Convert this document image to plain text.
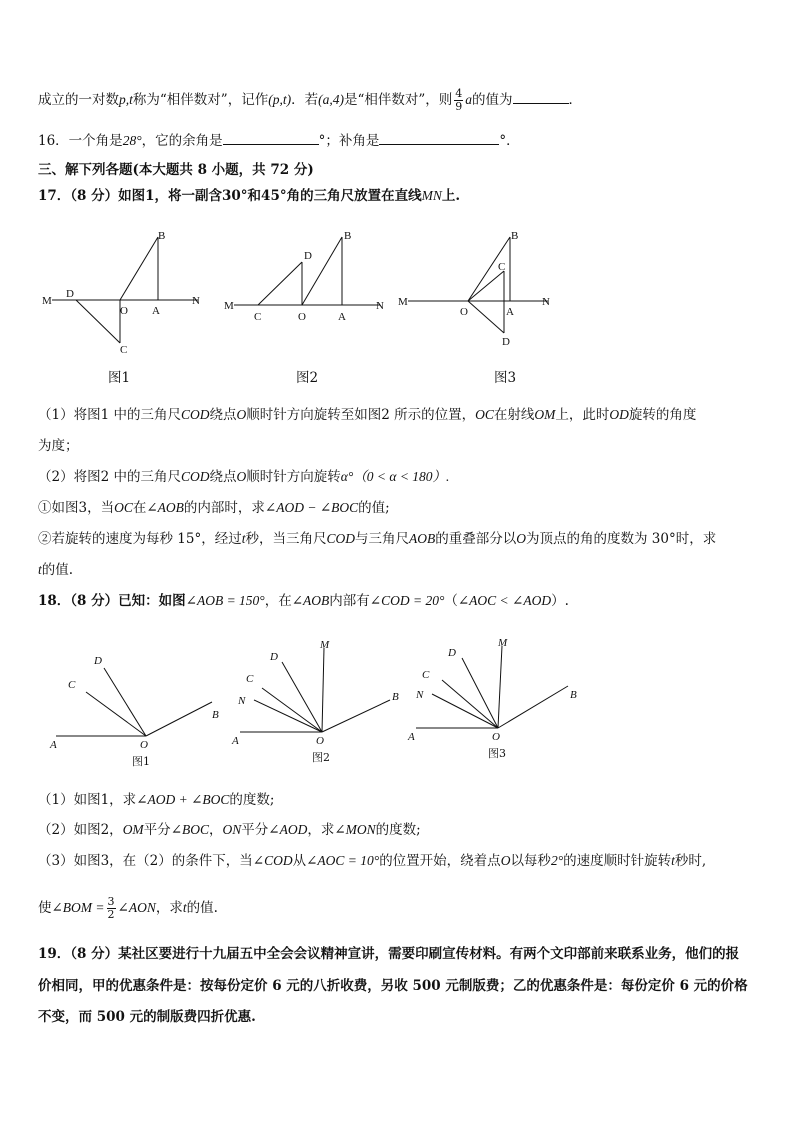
成立的一对数p,t称为“相伴数对”，记作(p,t)．若(a,4)是“相伴数对”，则 $\frac{4}{9}$ a的值为	．
16．一个角是28°，它的余角是	°；补角是	°．
三、解下列各题(本大题共 8 小题，共 72 分)
17．（8 分）如图1，将一副含30°和45°角的三角尺放置在直线MN上.
M
D
B
O A
N
C
图1
M
C
D
O
B
A
N
图2
M
B
C
O	A
N
D
图3
（1）将图1 中的三角尺COD绕点O顺时针方向旋转至如图2 所示的位置，OC在射线OM上，此时OD旋转的角度
为度；
（2）将图2 中的三角尺COD绕点O顺时针方向旋转α°（0 < α < 180）.
①如图3，当OC在∠AOB的内部时，求∠AOD − ∠BOC的值;
②若旋转的速度为每秒 15°，经过t秒，当三角尺COD与三角尺AOB的重叠部分以O为顶点的角的度数为 30°时，求
t的值.
18．（8 分）已知：如图∠AOB = 150°，在∠AOB内部有∠COD = 20°（∠AOC < ∠AOD）.
D
C
B
A	O
图1
M
D
C
N	B
A	O
图2
M
D
C
N	B
A	O
图3
（1）如图1，求∠AOD + ∠BOC的度数;
（2）如图2，OM平分∠BOC，ON平分∠AOD，求∠MON的度数;
（3）如图3，在（2）的条件下，当∠COD从∠AOC = 10°的位置开始，绕着点O以每秒2°的速度顺时针旋转t秒时,
使∠BOM = $\frac{3}{2}$ ∠AON，求t的值.
19．（8 分）某社区要进行十九届五中全会会议精神宣讲，需要印刷宣传材料。有两个文印部前来联系业务，他们的报
价相同，甲的优惠条件是：按每份定价 6 元的八折收费，另收 500 元制版费；乙的优惠条件是：每份定价 6 元的价格
不变，而 500 元的制版费四折优惠.
